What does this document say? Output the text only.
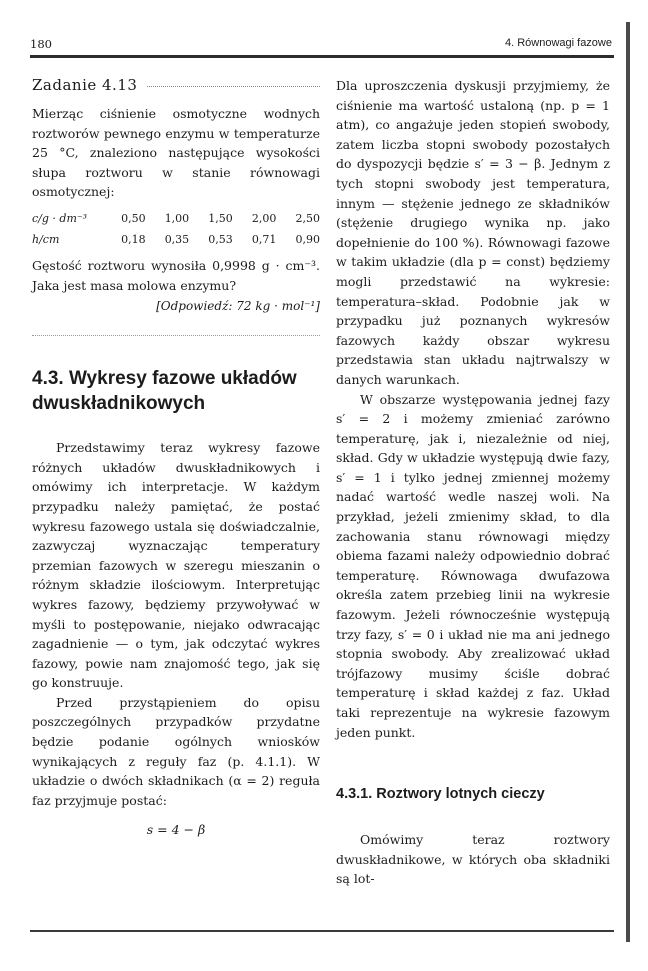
180	4. Równowagi fazowe
Zadanie 4.13

Mierząc ciśnienie osmotyczne wodnych roztworów pewnego enzymu w temperaturze 25 °C, znaleziono następujące wysokości słupa roztworu w stanie równowagi osmotycznej:

c/g · dm⁻³	0,50	1,00	1,50	2,00	2,50
h/cm	0,18	0,35	0,53	0,71	0,90

Gęstość roztworu wynosiła 0,9998 g · cm⁻³. Jaka jest masa molowa enzymu?

[Odpowiedź: 72 kg · mol⁻¹]
4.3. Wykresy fazowe układów dwuskładnikowych

Przedstawimy teraz wykresy fazowe różnych układów dwuskładnikowych i omówimy ich interpretacje. W każdym przypadku należy pamiętać, że postać wykresu fazowego ustala się doświadczalnie, zazwyczaj wyznaczając temperatury przemian fazowych w szeregu mieszanin o różnym składzie ilościowym. Interpretując wykres fazowy, będziemy przywoływać w myśli to postępowanie, niejako odwracając zagadnienie — o tym, jak odczytać wykres fazowy, powie nam znajomość tego, jak się go konstruuje.

Przed przystąpieniem do opisu poszczególnych przypadków przydatne będzie podanie ogólnych wniosków wynikających z reguły faz (p. 4.1.1). W układzie o dwóch składnikach (α = 2) reguła faz przyjmuje postać:

s = 4 − β

Dla uproszczenia dyskusji przyjmiemy, że ciśnienie ma wartość ustaloną (np. p = 1 atm), co angażuje jeden stopień swobody, zatem liczba stopni swobody pozostałych do dyspozycji będzie s′ = 3 − β. Jednym z tych stopni swobody jest temperatura, innym — stężenie jednego ze składników (stężenie drugiego wynika np. jako dopełnienie do 100 %). Równowagi fazowe w takim układzie (dla p = const) będziemy mogli przedstawić na wykresie: temperatura–skład. Podobnie jak w przypadku już poznanych wykresów fazowych każdy obszar wykresu przedstawia stan układu najtrwalszy w danych warunkach.

W obszarze występowania jednej fazy s′ = 2 i możemy zmieniać zarówno temperaturę, jak i, niezależnie od niej, skład. Gdy w układzie występują dwie fazy, s′ = 1 i tylko jednej zmiennej możemy nadać wartość wedle naszej woli. Na przykład, jeżeli zmienimy skład, to dla zachowania stanu równowagi między obiema fazami należy odpowiednio dobrać temperaturę. Równowaga dwufazowa określa zatem przebieg linii na wykresie fazowym. Jeżeli równocześnie występują trzy fazy, s′ = 0 i układ nie ma ani jednego stopnia swobody. Aby zrealizować układ trójfazowy musimy ściśle dobrać temperaturę i skład każdej z faz. Układ taki reprezentuje na wykresie fazowym jeden punkt.

4.3.1. Roztwory lotnych cieczy

Omówimy teraz roztwory dwuskładnikowe, w których oba składniki są lot-
